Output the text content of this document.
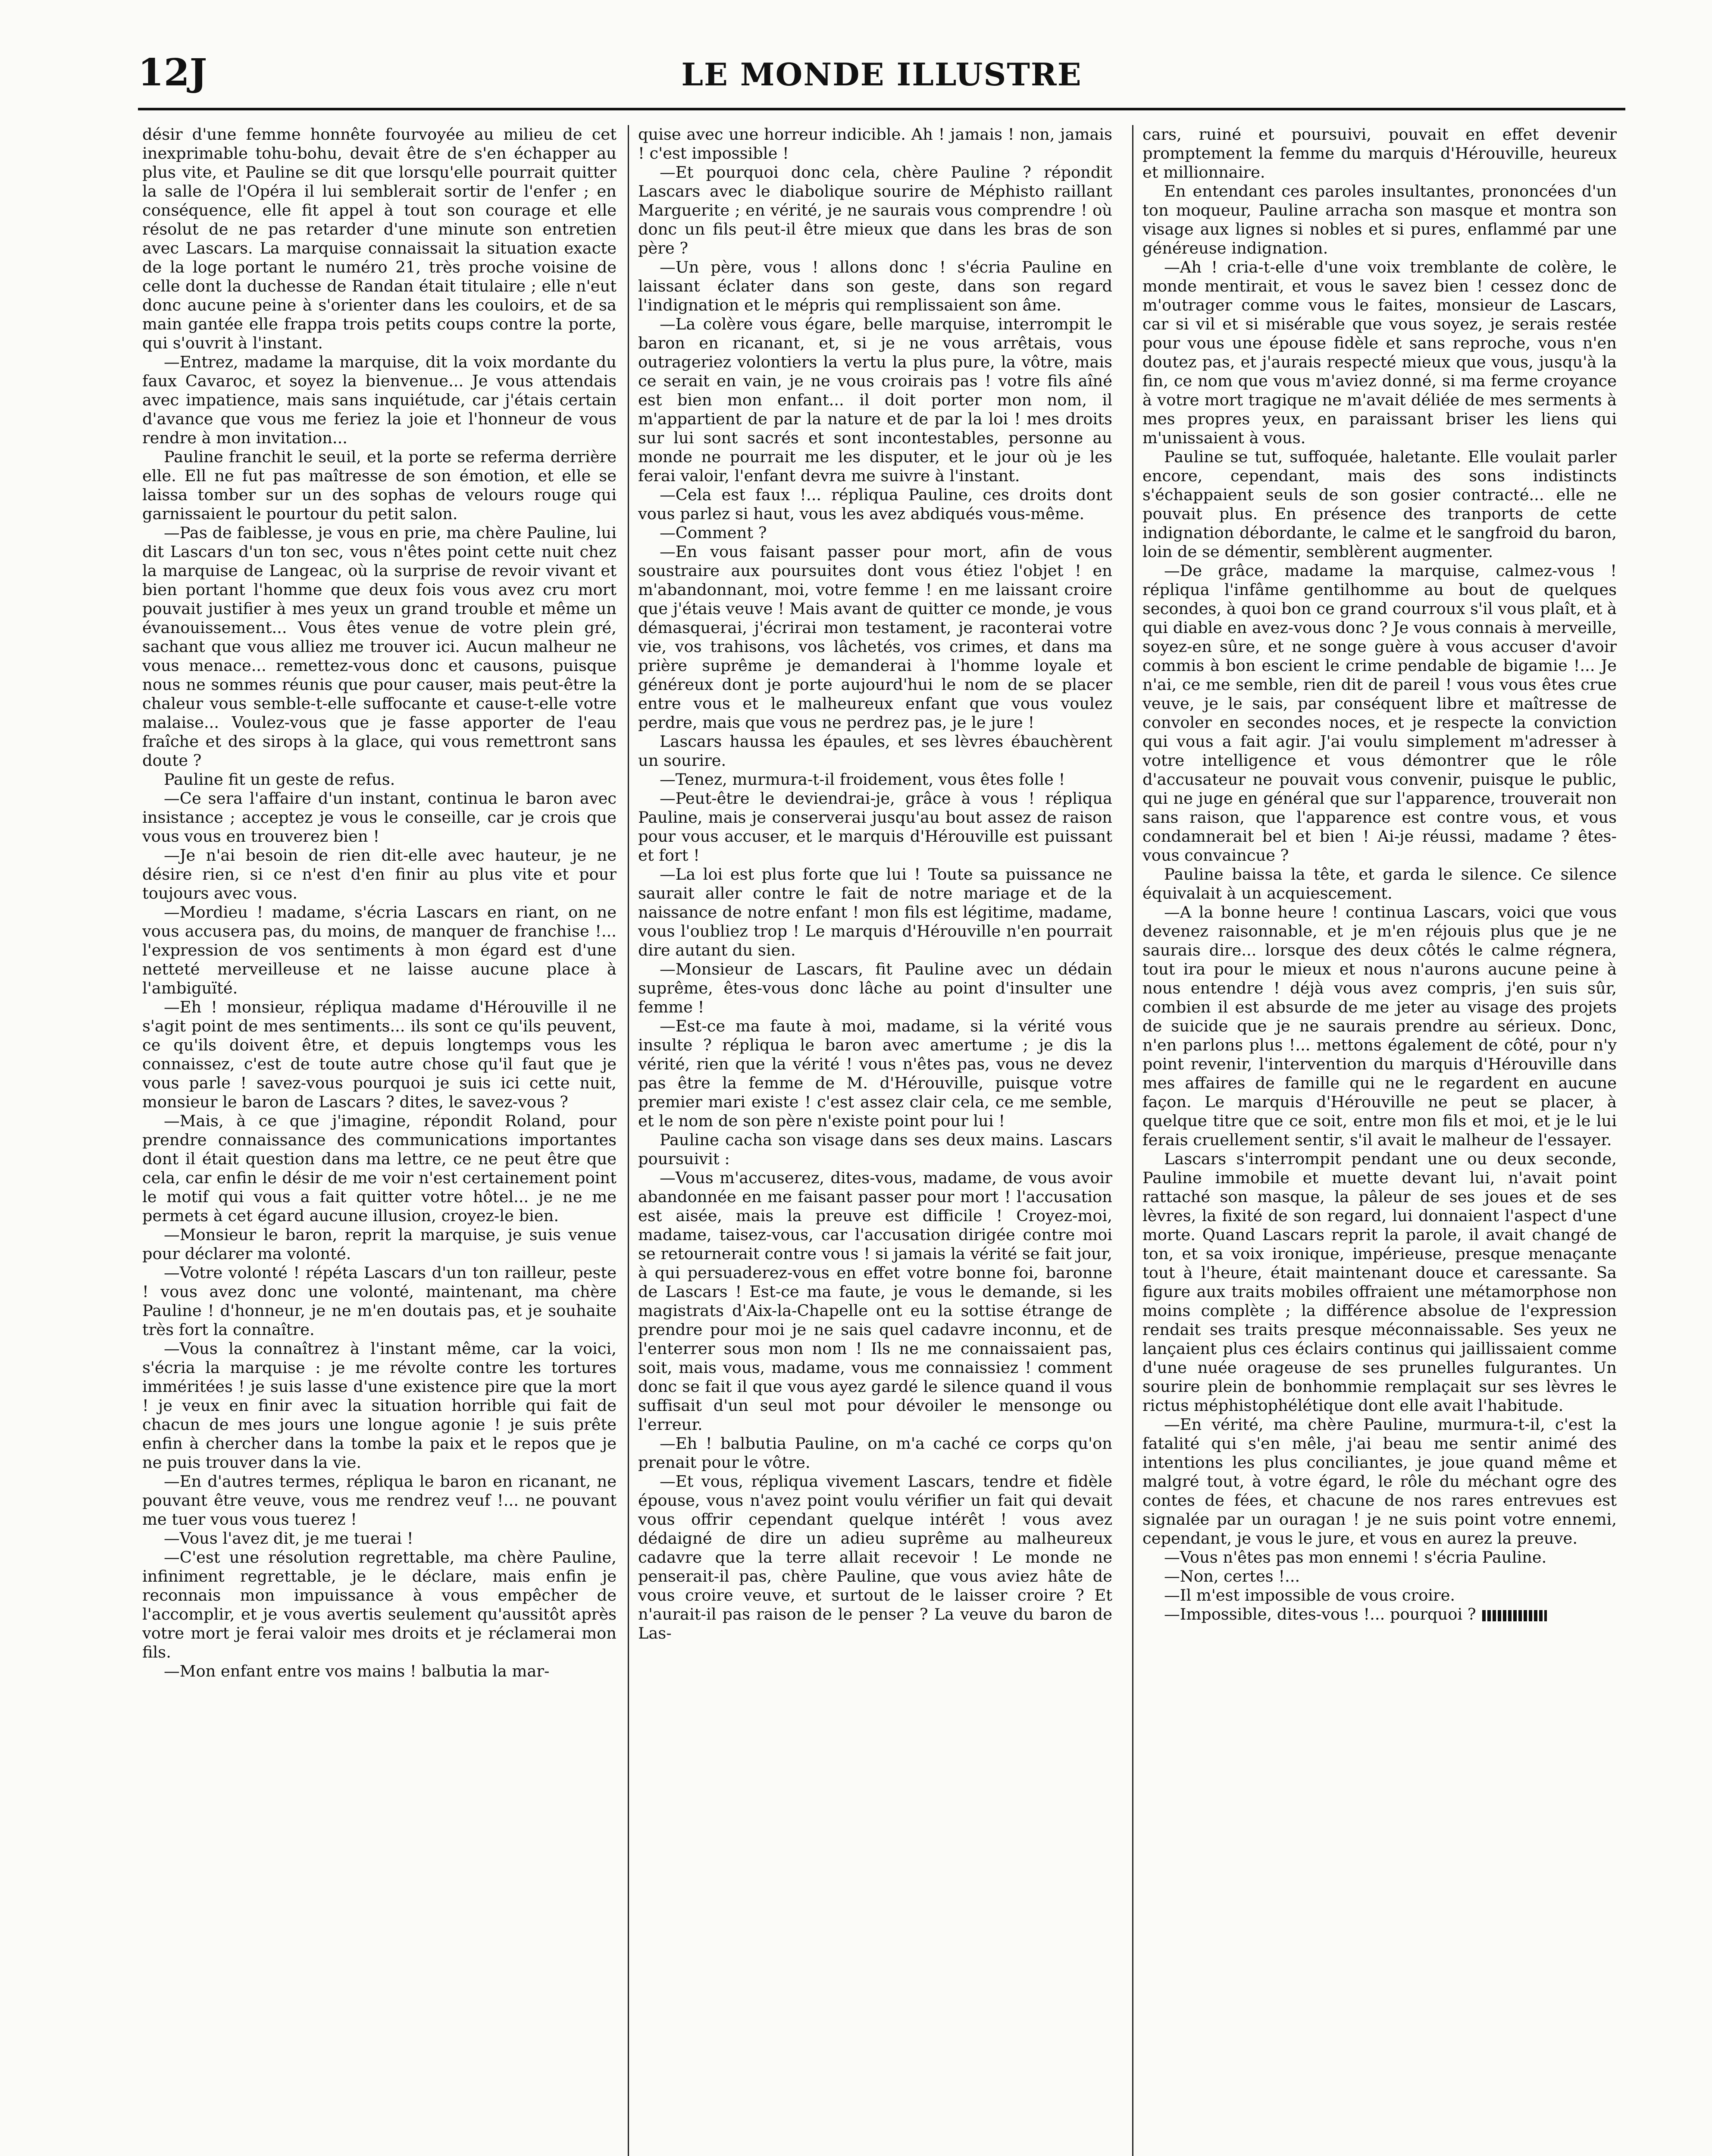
12J	LE MONDE ILLUSTRE

désir d'une femme honnête fourvoyée au milieu de cet inexprimable tohu-bohu, devait être de s'en échapper au plus vite, et Pauline se dit que lorsqu'elle pourrait quitter la salle de l'Opéra il lui semblerait sortir de l'enfer ; en conséquence, elle fit appel à tout son courage et elle résolut de ne pas retarder d'une minute son entretien avec Lascars. La marquise connaissait la situation exacte de la loge portant le numéro 21, très proche voisine de celle dont la duchesse de Randan était titulaire ; elle n'eut donc aucune peine à s'orienter dans les couloirs, et de sa main gantée elle frappa trois petits coups contre la porte, qui s'ouvrit à l'instant.

—Entrez, madame la marquise, dit la voix mordante du faux Cavaroc, et soyez la bienvenue... Je vous attendais avec impatience, mais sans inquiétude, car j'étais certain d'avance que vous me feriez la joie et l'honneur de vous rendre à mon invitation...

Pauline franchit le seuil, et la porte se referma derrière elle. Ell ne fut pas maîtresse de son émotion, et elle se laissa tomber sur un des sophas de velours rouge qui garnissaient le pourtour du petit salon.

—Pas de faiblesse, je vous en prie, ma chère Pauline, lui dit Lascars d'un ton sec, vous n'êtes point cette nuit chez la marquise de Langeac, où la surprise de revoir vivant et bien portant l'homme que deux fois vous avez cru mort pouvait justifier à mes yeux un grand trouble et même un évanouissement... Vous êtes venue de votre plein gré, sachant que vous alliez me trouver ici. Aucun malheur ne vous menace... remettez-vous donc et causons, puisque nous ne sommes réunis que pour causer, mais peut-être la chaleur vous semble-t-elle suffocante et cause-t-elle votre malaise... Voulez-vous que je fasse apporter de l'eau fraîche et des sirops à la glace, qui vous remettront sans doute ?

Pauline fit un geste de refus.

—Ce sera l'affaire d'un instant, continua le baron avec insistance ; acceptez je vous le conseille, car je crois que vous vous en trouverez bien !

—Je n'ai besoin de rien dit-elle avec hauteur, je ne désire rien, si ce n'est d'en finir au plus vite et pour toujours avec vous.

—Mordieu ! madame, s'écria Lascars en riant, on ne vous accusera pas, du moins, de manquer de franchise !... l'expression de vos sentiments à mon égard est d'une netteté merveilleuse et ne laisse aucune place à l'ambiguïté.

—Eh ! monsieur, répliqua madame d'Hérouville il ne s'agit point de mes sentiments... ils sont ce qu'ils peuvent, ce qu'ils doivent être, et depuis longtemps vous les connaissez, c'est de toute autre chose qu'il faut que je vous parle ! savez-vous pourquoi je suis ici cette nuit, monsieur le baron de Lascars ? dites, le savez-vous ?

—Mais, à ce que j'imagine, répondit Roland, pour prendre connaissance des communications importantes dont il était question dans ma lettre, ce ne peut être que cela, car enfin le désir de me voir n'est certainement point le motif qui vous a fait quitter votre hôtel... je ne me permets à cet égard aucune illusion, croyez-le bien.

—Monsieur le baron, reprit la marquise, je suis venue pour déclarer ma volonté.

—Votre volonté ! répéta Lascars d'un ton railleur, peste ! vous avez donc une volonté, maintenant, ma chère Pauline ! d'honneur, je ne m'en doutais pas, et je souhaite très fort la connaître.

—Vous la connaîtrez à l'instant même, car la voici, s'écria la marquise : je me révolte contre les tortures imméritées ! je suis lasse d'une existence pire que la mort ! je veux en finir avec la situation horrible qui fait de chacun de mes jours une longue agonie ! je suis prête enfin à chercher dans la tombe la paix et le repos que je ne puis trouver dans la vie.

—En d'autres termes, répliqua le baron en ricanant, ne pouvant être veuve, vous me rendrez veuf !... ne pouvant me tuer vous vous tuerez !

—Vous l'avez dit, je me tuerai !

—C'est une résolution regrettable, ma chère Pauline, infiniment regrettable, je le déclare, mais enfin je reconnais mon impuissance à vous empêcher de l'accomplir, et je vous avertis seulement qu'aussitôt après votre mort je ferai valoir mes droits et je réclamerai mon fils.

—Mon enfant entre vos mains ! balbutia la mar-

quise avec une horreur indicible. Ah ! jamais ! non, jamais ! c'est impossible !

—Et pourquoi donc cela, chère Pauline ? répondit Lascars avec le diabolique sourire de Méphisto raillant Marguerite ; en vérité, je ne saurais vous comprendre ! où donc un fils peut-il être mieux que dans les bras de son père ?

—Un père, vous ! allons donc ! s'écria Pauline en laissant éclater dans son geste, dans son regard l'indignation et le mépris qui remplissaient son âme.

—La colère vous égare, belle marquise, interrompit le baron en ricanant, et, si je ne vous arrêtais, vous outrageriez volontiers la vertu la plus pure, la vôtre, mais ce serait en vain, je ne vous croirais pas ! votre fils aîné est bien mon enfant... il doit porter mon nom, il m'appartient de par la nature et de par la loi ! mes droits sur lui sont sacrés et sont incontestables, personne au monde ne pourrait me les disputer, et le jour où je les ferai valoir, l'enfant devra me suivre à l'instant.

—Cela est faux !... répliqua Pauline, ces droits dont vous parlez si haut, vous les avez abdiqués vous-même.

—Comment ?

—En vous faisant passer pour mort, afin de vous soustraire aux poursuites dont vous étiez l'objet ! en m'abandonnant, moi, votre femme ! en me laissant croire que j'étais veuve ! Mais avant de quitter ce monde, je vous démasquerai, j'écrirai mon testament, je raconterai votre vie, vos trahisons, vos lâchetés, vos crimes, et dans ma prière suprême je demanderai à l'homme loyale et généreux dont je porte aujourd'hui le nom de se placer entre vous et le malheureux enfant que vous voulez perdre, mais que vous ne perdrez pas, je le jure !

Lascars haussa les épaules, et ses lèvres ébauchèrent un sourire.

—Tenez, murmura-t-il froidement, vous êtes folle !

—Peut-être le deviendrai-je, grâce à vous ! répliqua Pauline, mais je conserverai jusqu'au bout assez de raison pour vous accuser, et le marquis d'Hérouville est puissant et fort !

—La loi est plus forte que lui ! Toute sa puissance ne saurait aller contre le fait de notre mariage et de la naissance de notre enfant ! mon fils est légitime, madame, vous l'oubliez trop ! Le marquis d'Hérouville n'en pourrait dire autant du sien.

—Monsieur de Lascars, fit Pauline avec un dédain suprême, êtes-vous donc lâche au point d'insulter une femme !

—Est-ce ma faute à moi, madame, si la vérité vous insulte ? répliqua le baron avec amertume ; je dis la vérité, rien que la vérité ! vous n'êtes pas, vous ne devez pas être la femme de M. d'Hérouville, puisque votre premier mari existe ! c'est assez clair cela, ce me semble, et le nom de son père n'existe point pour lui !

Pauline cacha son visage dans ses deux mains. Lascars poursuivit :

—Vous m'accuserez, dites-vous, madame, de vous avoir abandonnée en me faisant passer pour mort ! l'accusation est aisée, mais la preuve est difficile ! Croyez-moi, madame, taisez-vous, car l'accusation dirigée contre moi se retournerait contre vous ! si jamais la vérité se fait jour, à qui persuaderez-vous en effet votre bonne foi, baronne de Lascars ! Est-ce ma faute, je vous le demande, si les magistrats d'Aix-la-Chapelle ont eu la sottise étrange de prendre pour moi je ne sais quel cadavre inconnu, et de l'enterrer sous mon nom ! Ils ne me connaissaient pas, soit, mais vous, madame, vous me connaissiez ! comment donc se fait il que vous ayez gardé le silence quand il vous suffisait d'un seul mot pour dévoiler le mensonge ou l'erreur.

—Eh ! balbutia Pauline, on m'a caché ce corps qu'on prenait pour le vôtre.

—Et vous, répliqua vivement Lascars, tendre et fidèle épouse, vous n'avez point voulu vérifier un fait qui devait vous offrir cependant quelque intérêt ! vous avez dédaigné de dire un adieu suprême au malheureux cadavre que la terre allait recevoir ! Le monde ne penserait-il pas, chère Pauline, que vous aviez hâte de vous croire veuve, et surtout de le laisser croire ? Et n'aurait-il pas raison de le penser ? La veuve du baron de Las-

cars, ruiné et poursuivi, pouvait en effet devenir promptement la femme du marquis d'Hérouville, heureux et millionnaire.

En entendant ces paroles insultantes, prononcées d'un ton moqueur, Pauline arracha son masque et montra son visage aux lignes si nobles et si pures, enflammé par une généreuse indignation.

—Ah ! cria-t-elle d'une voix tremblante de colère, le monde mentirait, et vous le savez bien ! cessez donc de m'outrager comme vous le faites, monsieur de Lascars, car si vil et si misérable que vous soyez, je serais restée pour vous une épouse fidèle et sans reproche, vous n'en doutez pas, et j'aurais respecté mieux que vous, jusqu'à la fin, ce nom que vous m'aviez donné, si ma ferme croyance à votre mort tragique ne m'avait déliée de mes serments à mes propres yeux, en paraissant briser les liens qui m'unissaient à vous.

Pauline se tut, suffoquée, haletante. Elle voulait parler encore, cependant, mais des sons indistincts s'échappaient seuls de son gosier contracté... elle ne pouvait plus. En présence des tranports de cette indignation débordante, le calme et le sangfroid du baron, loin de se démentir, semblèrent augmenter.

—De grâce, madame la marquise, calmez-vous ! répliqua l'infâme gentilhomme au bout de quelques secondes, à quoi bon ce grand courroux s'il vous plaît, et à qui diable en avez-vous donc ? Je vous connais à merveille, soyez-en sûre, et ne songe guère à vous accuser d'avoir commis à bon escient le crime pendable de bigamie !... Je n'ai, ce me semble, rien dit de pareil ! vous vous êtes crue veuve, je le sais, par conséquent libre et maîtresse de convoler en secondes noces, et je respecte la conviction qui vous a fait agir. J'ai voulu simplement m'adresser à votre intelligence et vous démontrer que le rôle d'accusateur ne pouvait vous convenir, puisque le public, qui ne juge en général que sur l'apparence, trouverait non sans raison, que l'apparence est contre vous, et vous condamnerait bel et bien ! Ai-je réussi, madame ? êtes-vous convaincue ?

Pauline baissa la tête, et garda le silence. Ce silence équivalait à un acquiescement.

—A la bonne heure ! continua Lascars, voici que vous devenez raisonnable, et je m'en réjouis plus que je ne saurais dire... lorsque des deux côtés le calme régnera, tout ira pour le mieux et nous n'aurons aucune peine à nous entendre ! déjà vous avez compris, j'en suis sûr, combien il est absurde de me jeter au visage des projets de suicide que je ne saurais prendre au sérieux. Donc, n'en parlons plus !... mettons également de côté, pour n'y point revenir, l'intervention du marquis d'Hérouville dans mes affaires de famille qui ne le regardent en aucune façon. Le marquis d'Hérouville ne peut se placer, à quelque titre que ce soit, entre mon fils et moi, et je le lui ferais cruellement sentir, s'il avait le malheur de l'essayer.

Lascars s'interrompit pendant une ou deux seconde, Pauline immobile et muette devant lui, n'avait point rattaché son masque, la pâleur de ses joues et de ses lèvres, la fixité de son regard, lui donnaient l'aspect d'une morte. Quand Lascars reprit la parole, il avait changé de ton, et sa voix ironique, impérieuse, presque menaçante tout à l'heure, était maintenant douce et caressante. Sa figure aux traits mobiles offraient une métamorphose non moins complète ; la différence absolue de l'expression rendait ses traits presque méconnaissable. Ses yeux ne lançaient plus ces éclairs continus qui jaillissaient comme d'une nuée orageuse de ses prunelles fulgurantes. Un sourire plein de bonhommie remplaçait sur ses lèvres le rictus méphistophélétique dont elle avait l'habitude.

—En vérité, ma chère Pauline, murmura-t-il, c'est la fatalité qui s'en mêle, j'ai beau me sentir animé des intentions les plus conciliantes, je joue quand même et malgré tout, à votre égard, le rôle du méchant ogre des contes de fées, et chacune de nos rares entrevues est signalée par un ouragan ! je ne suis point votre ennemi, cependant, je vous le jure, et vous en aurez la preuve.

—Vous n'êtes pas mon ennemi ! s'écria Pauline.

—Non, certes !...

—Il m'est impossible de vous croire.

—Impossible, dites-vous !... pourquoi ?
